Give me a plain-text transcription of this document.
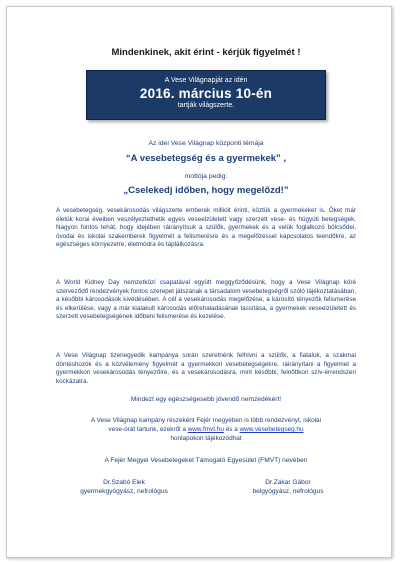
Mindenkinek, akit érint - kérjük figyelmét !
A Vese Világnapját az idén
2016. március 10-én
tartják világszerte.
Az idei Vese Világnap központi témája
“A vesebetegség és a gyermekek” ,
mottója pedig:
„Cselekedj időben, hogy megelőzd!”
A vesebetegség, vesekárosodás világszerte emberek millióit érinti, köztük a gyermekeket is. Őket már életük korai éveiben veszélyeztethetik egyes veseelzületett vagy szerzett vese- és húgyúti betegségek. Nagyon fontos tehát, hogy idejében ráirányítsuk a szülők, gyermekek és a velük foglalkozó bölcsődei, óvodai és iskolai szakemberek figyelmét a felismerésre és a megelőzéssel kapcsolatos teendőkre, az egészséges környezetre, életmódra és táplálkozásra.
A World Kidney Day nemzetközi csapatával együtt meggyőződésünk, hogy a Vese Világnap köré szerveződő rendezvények fontos szerepet játszanak a társadalom vesebetegségről szóló tájékoztatásában, a későbbi károsodások kivédésében. A cél a vesekárosodás megelőzése, a károsító tényezők felismerése és elkerülése, vagy a már kialakult károsodás előrehaladásának lassítása, a gyermekek veseelzületett és szerzett vesebetegségének időbeni felismerése és kezelése.
A Vese Világnap tizenegyedik kampánya során szeretnénk felhívni a szülők, a fiatalok, a szakmai döntéshozók és a közvélemény figyelmét a gyermekkori vesebetegségekre, ráirányítani a figyelmet a gyermekkori vesekárosodás tényezőire, és a vesekárosodásra, mint későbbi, felnőttkori szív-érrendszeri kockázatra.
Mindezt egy egészségesebb jövendő nemzedékért!
A Vese Világnap kampány részeként Fejér megyében is több rendezvényt, iskolai
vese-órát tartunk, ezekről a www.fmvt.hu és a www.vesebetegseg.hu
honlapokon tájékozódhat
A Fejér Megyei Vesebetegeket Támogató Egyesület (FMVT) nevében
Dr.Szabó Elek
gyermekgyógyász, nefrológus
Dr.Zakar Gábor
belgyógyász, nefrológus
